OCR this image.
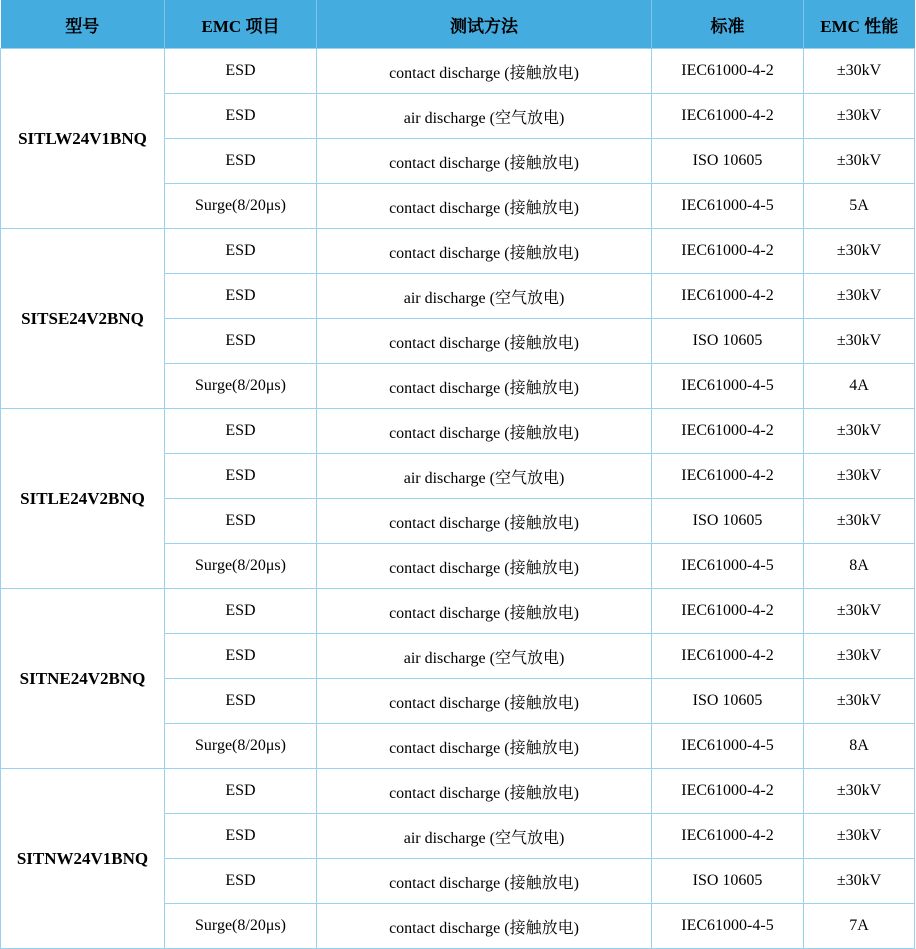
型号	EMC 项目	测试方法	标准	EMC 性能
SITLW24V1BNQ	ESD	contact discharge (接触放电)	IEC61000-4-2	±30kV
	ESD	air discharge (空气放电)	IEC61000-4-2	±30kV
	ESD	contact discharge (接触放电)	ISO 10605	±30kV
	Surge(8/20μs)	contact discharge (接触放电)	IEC61000-4-5	5A
SITSE24V2BNQ	ESD	contact discharge (接触放电)	IEC61000-4-2	±30kV
	ESD	air discharge (空气放电)	IEC61000-4-2	±30kV
	ESD	contact discharge (接触放电)	ISO 10605	±30kV
	Surge(8/20μs)	contact discharge (接触放电)	IEC61000-4-5	4A
SITLE24V2BNQ	ESD	contact discharge (接触放电)	IEC61000-4-2	±30kV
	ESD	air discharge (空气放电)	IEC61000-4-2	±30kV
	ESD	contact discharge (接触放电)	ISO 10605	±30kV
	Surge(8/20μs)	contact discharge (接触放电)	IEC61000-4-5	8A
SITNE24V2BNQ	ESD	contact discharge (接触放电)	IEC61000-4-2	±30kV
	ESD	air discharge (空气放电)	IEC61000-4-2	±30kV
	ESD	contact discharge (接触放电)	ISO 10605	±30kV
	Surge(8/20μs)	contact discharge (接触放电)	IEC61000-4-5	8A
SITNW24V1BNQ	ESD	contact discharge (接触放电)	IEC61000-4-2	±30kV
	ESD	air discharge (空气放电)	IEC61000-4-2	±30kV
	ESD	contact discharge (接触放电)	ISO 10605	±30kV
	Surge(8/20μs)	contact discharge (接触放电)	IEC61000-4-5	7A
